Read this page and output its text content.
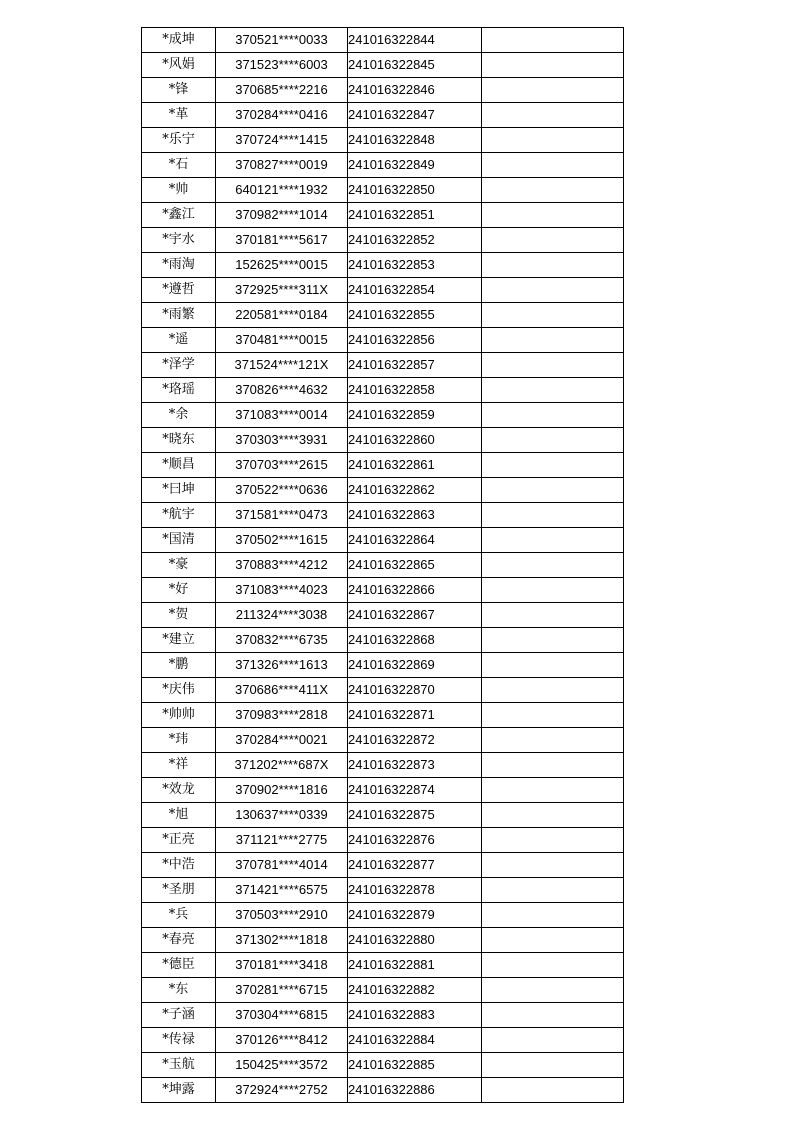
*成坤	370521****0033	241016322844	
*风娟	371523****6003	241016322845	
*锋	370685****2216	241016322846	
*革	370284****0416	241016322847	
*乐宁	370724****1415	241016322848	
*石	370827****0019	241016322849	
*帅	640121****1932	241016322850	
*鑫江	370982****1014	241016322851	
*宇水	370181****5617	241016322852	
*雨淘	152625****0015	241016322853	
*遵哲	372925****311X	241016322854	
*雨繁	220581****0184	241016322855	
*遥	370481****0015	241016322856	
*泽学	371524****121X	241016322857	
*珞瑶	370826****4632	241016322858	
*余	371083****0014	241016322859	
*晓东	370303****3931	241016322860	
*顺昌	370703****2615	241016322861	
*曰坤	370522****0636	241016322862	
*航宇	371581****0473	241016322863	
*国清	370502****1615	241016322864	
*豪	370883****4212	241016322865	
*好	371083****4023	241016322866	
*贺	211324****3038	241016322867	
*建立	370832****6735	241016322868	
*鹏	371326****1613	241016322869	
*庆伟	370686****411X	241016322870	
*帅帅	370983****2818	241016322871	
*玮	370284****0021	241016322872	
*祥	371202****687X	241016322873	
*效龙	370902****1816	241016322874	
*旭	130637****0339	241016322875	
*正亮	371121****2775	241016322876	
*中浩	370781****4014	241016322877	
*圣朋	371421****6575	241016322878	
*兵	370503****2910	241016322879	
*春亮	371302****1818	241016322880	
*德臣	370181****3418	241016322881	
*东	370281****6715	241016322882	
*子涵	370304****6815	241016322883	
*传禄	370126****8412	241016322884	
*玉航	150425****3572	241016322885	
*坤露	372924****2752	241016322886	
